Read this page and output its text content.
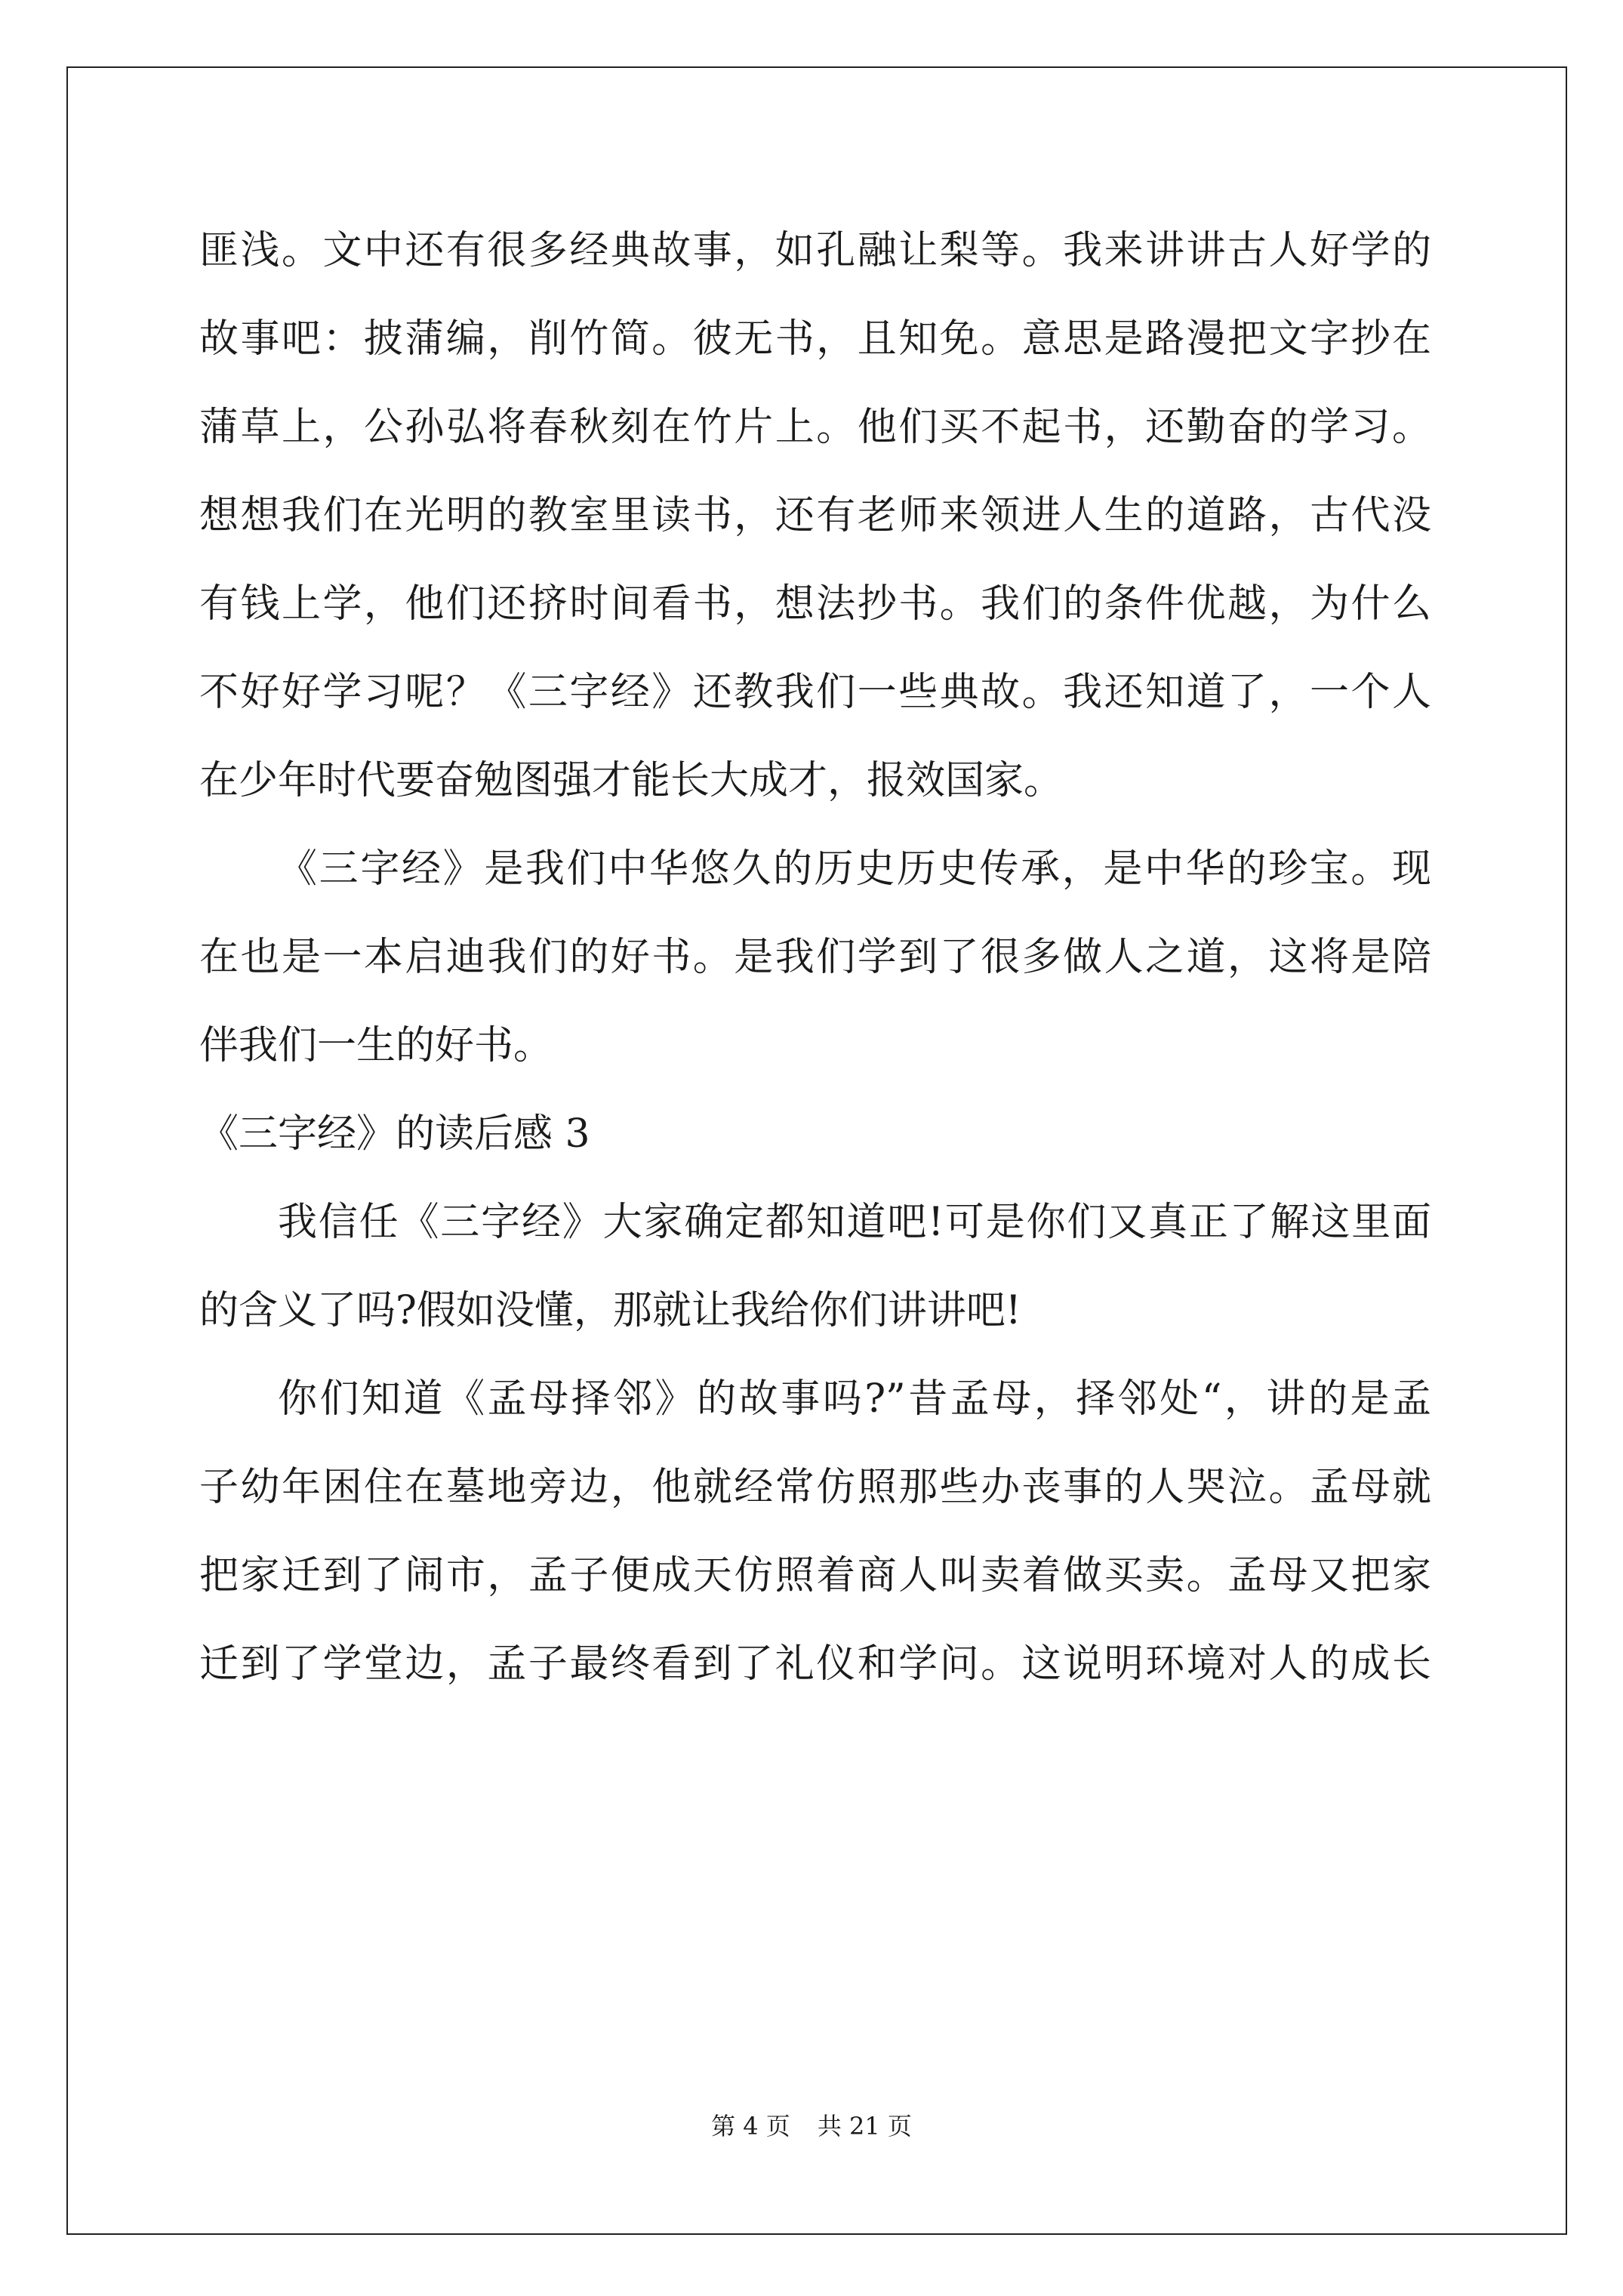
匪浅。文中还有很多经典故事，如孔融让梨等。我来讲讲古人好学的
故事吧：披蒲编，削竹简。彼无书，且知免。意思是路漫把文字抄在
蒲草上，公孙弘将春秋刻在竹片上。他们买不起书，还勤奋的学习。
想想我们在光明的教室里读书，还有老师来领进人生的道路，古代没
有钱上学，他们还挤时间看书，想法抄书。我们的条件优越，为什么
不好好学习呢？《三字经》还教我们一些典故。我还知道了，一个人
在少年时代要奋勉图强才能长大成才，报效国家。
《三字经》是我们中华悠久的历史历史传承，是中华的珍宝。现
在也是一本启迪我们的好书。是我们学到了很多做人之道，这将是陪
伴我们一生的好书。
《三字经》的读后感 3
我信任《三字经》大家确定都知道吧!可是你们又真正了解这里面
的含义了吗?假如没懂，那就让我给你们讲讲吧!
你们知道《孟母择邻》的故事吗?”昔孟母，择邻处“，讲的是孟
子幼年困住在墓地旁边，他就经常仿照那些办丧事的人哭泣。孟母就
把家迁到了闹市，孟子便成天仿照着商人叫卖着做买卖。孟母又把家
迁到了学堂边，孟子最终看到了礼仪和学问。这说明环境对人的成长
第 4 页 共 21 页
